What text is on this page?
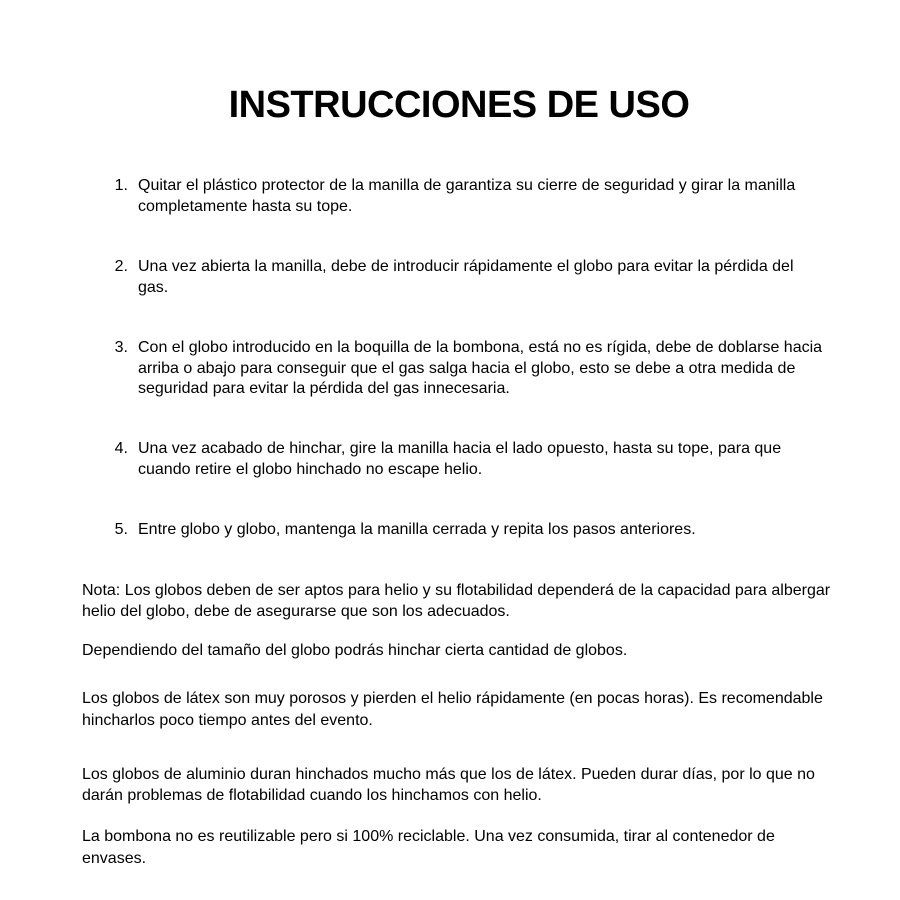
INSTRUCCIONES DE USO
1. Quitar el plástico protector de la manilla de garantiza su cierre de seguridad y girar la manilla completamente hasta su tope.
2. Una vez abierta la manilla, debe de introducir rápidamente el globo para evitar la pérdida del gas.
3. Con el globo introducido en la boquilla de la bombona, está no es rígida, debe de doblarse hacia arriba o abajo para conseguir que el gas salga hacia el globo, esto se debe a otra medida de seguridad para evitar la pérdida del gas innecesaria.
4. Una vez acabado de hinchar, gire la manilla hacia el lado opuesto, hasta su tope, para que cuando retire el globo hinchado no escape helio.
5. Entre globo y globo, mantenga la manilla cerrada y repita los pasos anteriores.

Nota: Los globos deben de ser aptos para helio y su flotabilidad dependerá de la capacidad para albergar helio del globo, debe de asegurarse que son los adecuados.

Dependiendo del tamaño del globo podrás hinchar cierta cantidad de globos.

Los globos de látex son muy porosos y pierden el helio rápidamente (en pocas horas). Es recomendable hincharlos poco tiempo antes del evento.

Los globos de aluminio duran hinchados mucho más que los de látex. Pueden durar días, por lo que no darán problemas de flotabilidad cuando los hinchamos con helio.

La bombona no es reutilizable pero si 100% reciclable. Una vez consumida, tirar al contenedor de envases.
